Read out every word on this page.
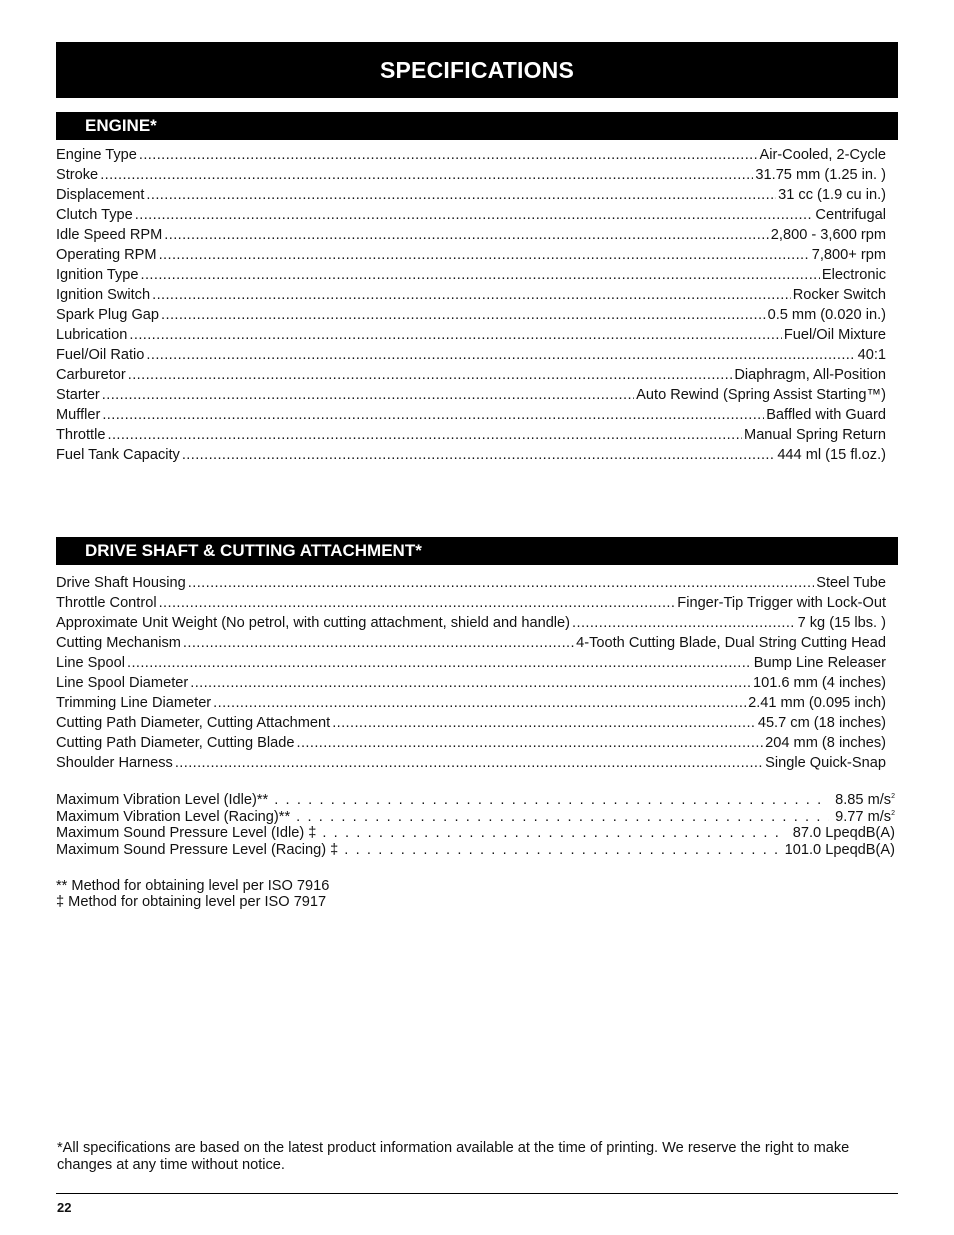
SPECIFICATIONS
ENGINE*
Engine Type .....	Air-Cooled, 2-Cycle
Stroke .....	31.75 mm (1.25 in. )
Displacement .....	31 cc (1.9 cu in.)
Clutch Type .....	Centrifugal
Idle Speed RPM .....	2,800 - 3,600 rpm
Operating RPM .....	7,800+ rpm
Ignition Type .....	Electronic
Ignition Switch .....	Rocker Switch
Spark Plug Gap .....	0.5 mm (0.020 in.)
Lubrication .....	Fuel/Oil Mixture
Fuel/Oil Ratio .....	40:1
Carburetor .....	Diaphragm, All-Position
Starter .....	Auto Rewind (Spring Assist Starting™)
Muffler .....	Baffled with Guard
Throttle .....	Manual Spring Return
Fuel Tank Capacity .....	444 ml (15 fl.oz.)
DRIVE SHAFT & CUTTING ATTACHMENT*
Drive Shaft Housing .....	Steel Tube
Throttle Control .....	Finger-Tip Trigger with Lock-Out
Approximate Unit Weight (No petrol, with cutting attachment, shield and handle) .....	7 kg (15 lbs. )
Cutting Mechanism .....	4-Tooth Cutting Blade, Dual String Cutting Head
Line Spool .....	Bump Line Releaser
Line Spool Diameter .....	101.6 mm (4 inches)
Trimming Line Diameter .....	2.41 mm (0.095 inch)
Cutting Path Diameter, Cutting Attachment .....	45.7 cm (18 inches)
Cutting Path Diameter, Cutting Blade .....	204 mm (8 inches)
Shoulder Harness .....	Single Quick-Snap
Maximum Vibration Level (Idle)** . . .	8.85 $m/s^2$
Maximum Vibration Level (Racing)** . . .	9.77 $m/s^2$
Maximum Sound Pressure Level (Idle) ‡ . . .	87.0 LpeqdB(A)
Maximum Sound Pressure Level (Racing) ‡ . . .	101.0 LpeqdB(A)
** Method for obtaining level per ISO 7916
‡ Method for obtaining level per ISO 7917
*All specifications are based on the latest product information available at the time of printing. We reserve the right to make changes at any time without notice.
22
